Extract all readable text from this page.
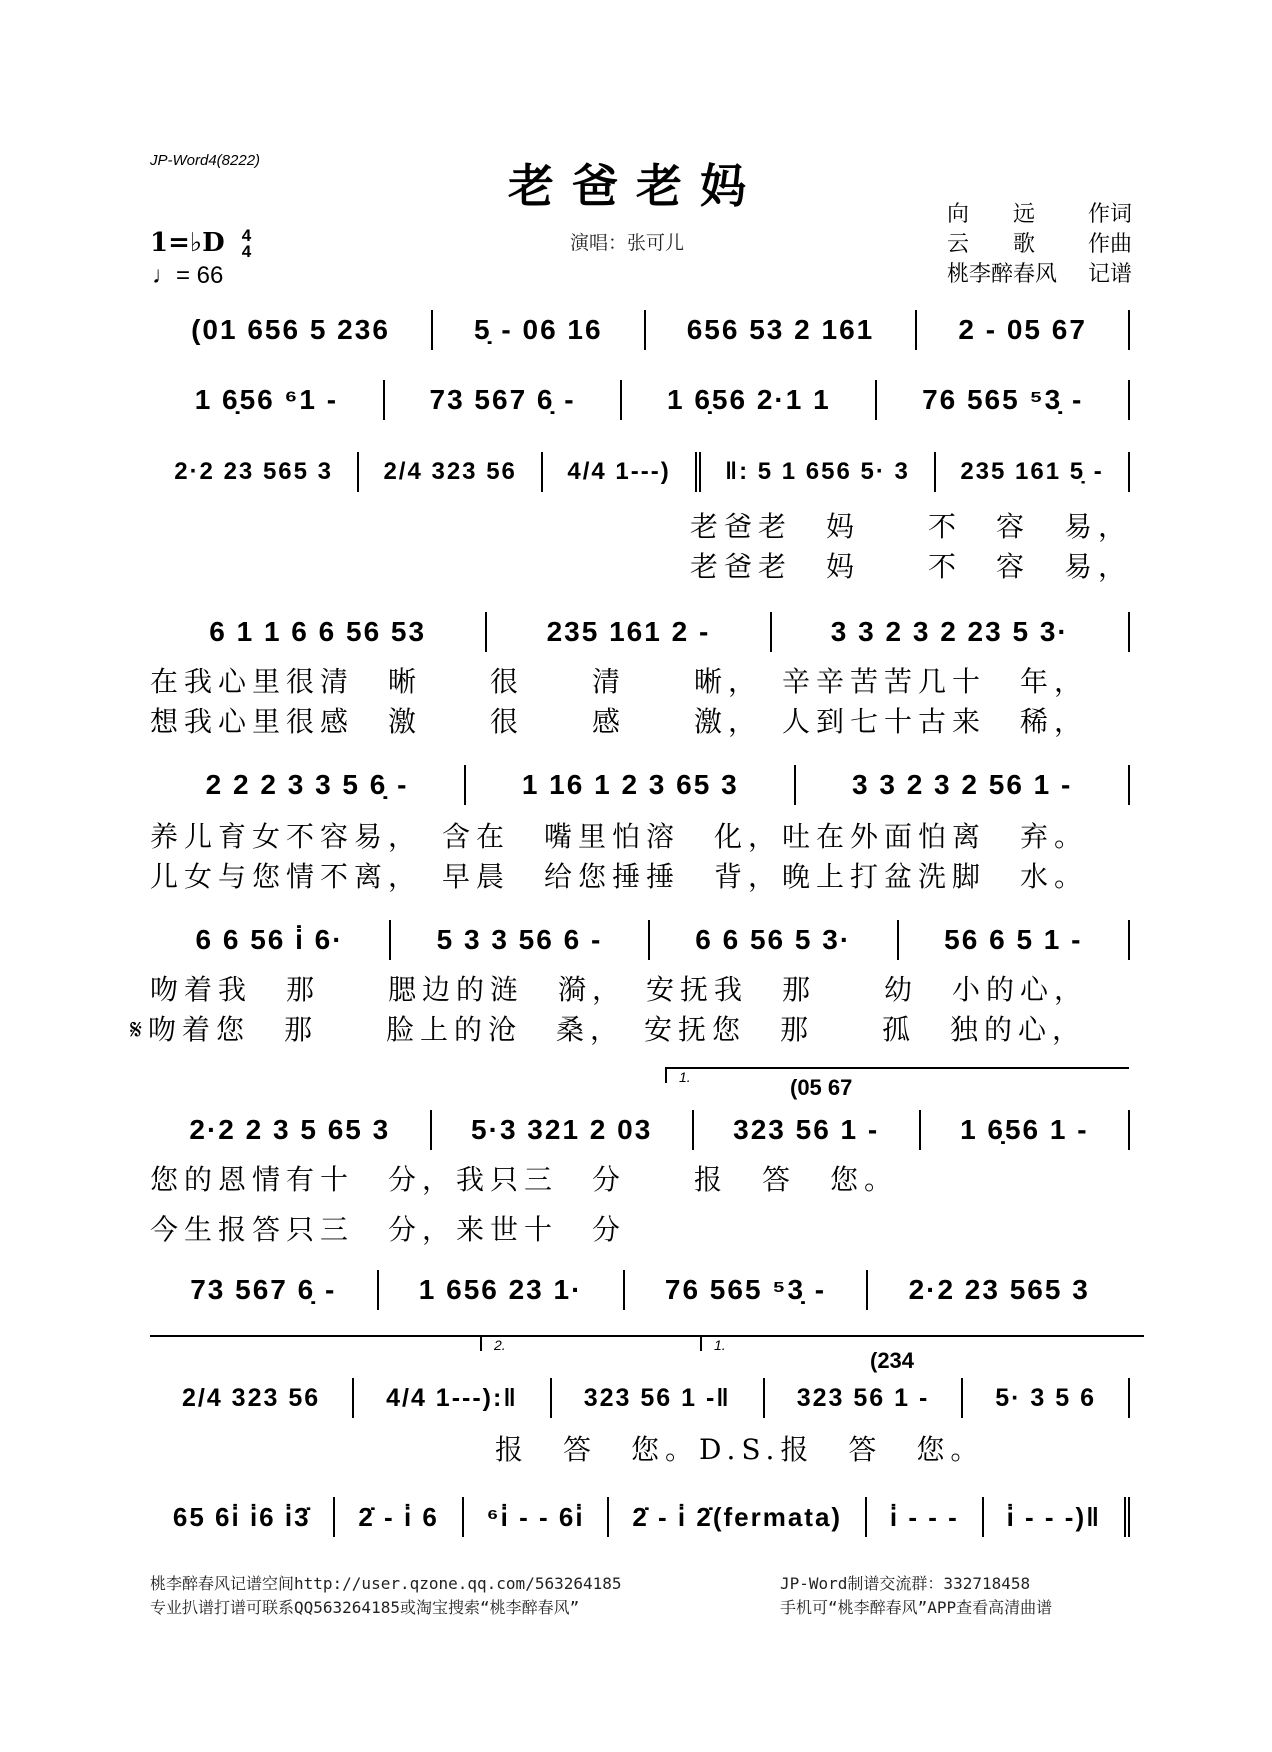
JP-Word4(8222)	老爸老妈
演唱：张可儿
向　　远 作词
云　　歌 作曲
桃李醉春风 记谱
1=♭D 4
4
♩= 66
(01 656 5 236	5̣ - 06 16	656 53 2 161	2 - 05 67
1 6̣56 ⁶1 -	73 567 6̣ -	1 6̣56 2·1 1	76 565 ⁵3̣ -
2·2 23 565 3	2/4 323 56	4/4 1---)	‖: 5 1 656 5· 3	235 161 5̣ -
老爸老　妈　　不　容　易，
老爸老　妈　　不　容　易，
6 1 1 6 6 56 53	235 161 2 -	3 3 2 3 2 23 5 3·
在我心里很清　晰　　很　　清　　晰，　辛辛苦苦几十　年，
想我心里很感　激　　很　　感　　激，　人到七十古来　稀，
2 2 2 3 3 5 6̣ -	1 16 1 2 3 65 3	3 3 2 3 2 56 1 -
养儿育女不容易，　含在　嘴里怕溶　化，吐在外面怕离　弃。
儿女与您情不离，　早晨　给您捶捶　背，晚上打盆洗脚　水。
6 6 56 i̇ 6·	5 3 3 56 6 -	6 6 56 5 3·	56 6 5 1 -
吻着我　那　　腮边的涟　漪，　安抚我　那　　幼　小的心，
𝄋吻着您　那　　脸上的沧　桑，　安抚您　那　　孤　独的心，
1.	(05 67
2·2 2 3 5 65 3	5·3 321 2 03	323 56 1 -	1 6̣56 1 -
您的恩情有十　分，我只三　分　　报　答　您。
今生报答只三　分，来世十　分
73 567 6̣ -	1 656 23 1·	76 565 ⁵3̣ -	2·2 23 565 3
2.	1.
(234
2/4 323 56	4/4 1---):‖	323 56 1 -‖	323 56 1 -	5· 3 5 6
报　答　您。D.S.报　答　您。
65 6i̇ i̇6 i̇3̇	2̇ - i̇ 6	⁶i̇ - - 6i̇	2̇ - i̇ 2̇(fermata)	i̇ - - -	i̇ - - -)‖
桃李醉春风记谱空间http://user.qzone.qq.com/563264185
专业扒谱打谱可联系QQ563264185或淘宝搜索“桃李醉春风”
JP-Word制谱交流群：332718458
手机可“桃李醉春风”APP查看高清曲谱
